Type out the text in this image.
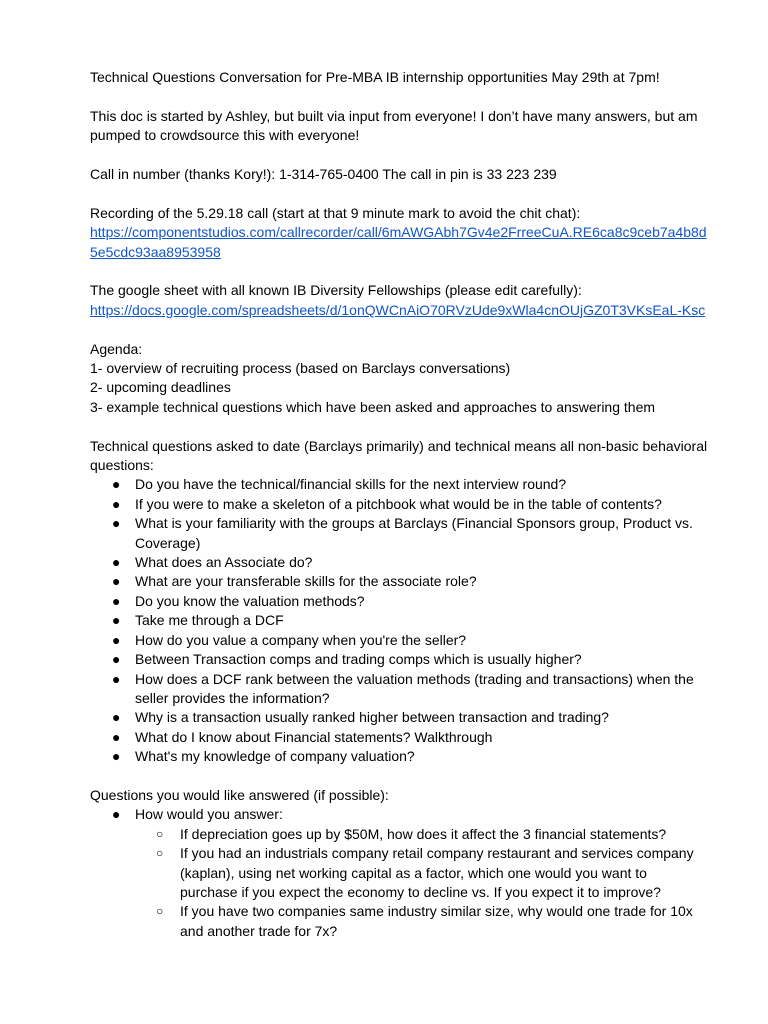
Technical Questions Conversation for Pre-MBA IB internship opportunities May 29th at 7pm!

This doc is started by Ashley, but built via input from everyone! I don’t have many answers, but am pumped to crowdsource this with everyone!

Call in number (thanks Kory!): 1-314-765-0400 The call in pin is 33 223 239

Recording of the 5.29.18 call (start at that 9 minute mark to avoid the chit chat):
https://componentstudios.com/callrecorder/call/6mAWGAbh7Gv4e2FrreeCuA.RE6ca8c9ceb7a4b8d5e5cdc93aa8953958

The google sheet with all known IB Diversity Fellowships (please edit carefully):
https://docs.google.com/spreadsheets/d/1onQWCnAiO70RVzUde9xWla4cnOUjGZ0T3VKsEaL-Ksc

Agenda:
1- overview of recruiting process (based on Barclays conversations)
2- upcoming deadlines
3- example technical questions which have been asked and approaches to answering them

Technical questions asked to date (Barclays primarily) and technical means all non-basic behavioral questions:
● Do you have the technical/financial skills for the next interview round?
● If you were to make a skeleton of a pitchbook what would be in the table of contents?
● What is your familiarity with the groups at Barclays (Financial Sponsors group, Product vs. Coverage)
● What does an Associate do?
● What are your transferable skills for the associate role?
● Do you know the valuation methods?
● Take me through a DCF
● How do you value a company when you're the seller?
● Between Transaction comps and trading comps which is usually higher?
● How does a DCF rank between the valuation methods (trading and transactions) when the seller provides the information?
● Why is a transaction usually ranked higher between transaction and trading?
● What do I know about Financial statements? Walkthrough
● What's my knowledge of company valuation?
Questions you would like answered (if possible):
● How would you answer:
○ If depreciation goes up by $50M, how does it affect the 3 financial statements?
○ If you had an industrials company retail company restaurant and services company (kaplan), using net working capital as a factor, which one would you want to purchase if you expect the economy to decline vs. If you expect it to improve?
○ If you have two companies same industry similar size, why would one trade for 10x and another trade for 7x?
